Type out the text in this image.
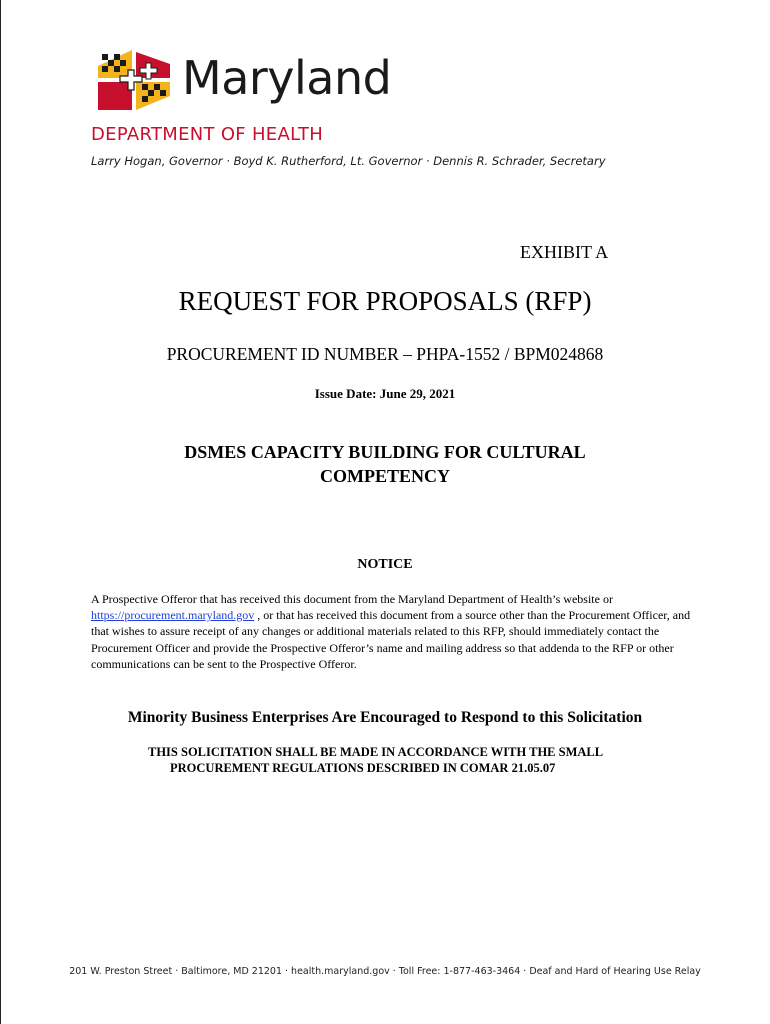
Maryland
DEPARTMENT OF HEALTH
Larry Hogan, Governor · Boyd K. Rutherford, Lt. Governor · Dennis R. Schrader, Secretary
EXHIBIT A
REQUEST FOR PROPOSALS (RFP)
PROCUREMENT ID NUMBER – PHPA-1552 / BPM024868
Issue Date: June 29, 2021
DSMES CAPACITY BUILDING FOR CULTURAL
COMPETENCY
NOTICE
A Prospective Offeror that has received this document from the Maryland Department of Health’s website or https://procurement.maryland.gov , or that has received this document from a source other than the Procurement Officer, and that wishes to assure receipt of any changes or additional materials related to this RFP, should immediately contact the Procurement Officer and provide the Prospective Offeror’s name and mailing address so that addenda to the RFP or other communications can be sent to the Prospective Offeror.
Minority Business Enterprises Are Encouraged to Respond to this Solicitation
THIS SOLICITATION SHALL BE MADE IN ACCORDANCE WITH THE SMALL
PROCUREMENT REGULATIONS DESCRIBED IN COMAR 21.05.07
201 W. Preston Street · Baltimore, MD 21201 · health.maryland.gov · Toll Free: 1-877-463-3464 · Deaf and Hard of Hearing Use Relay
